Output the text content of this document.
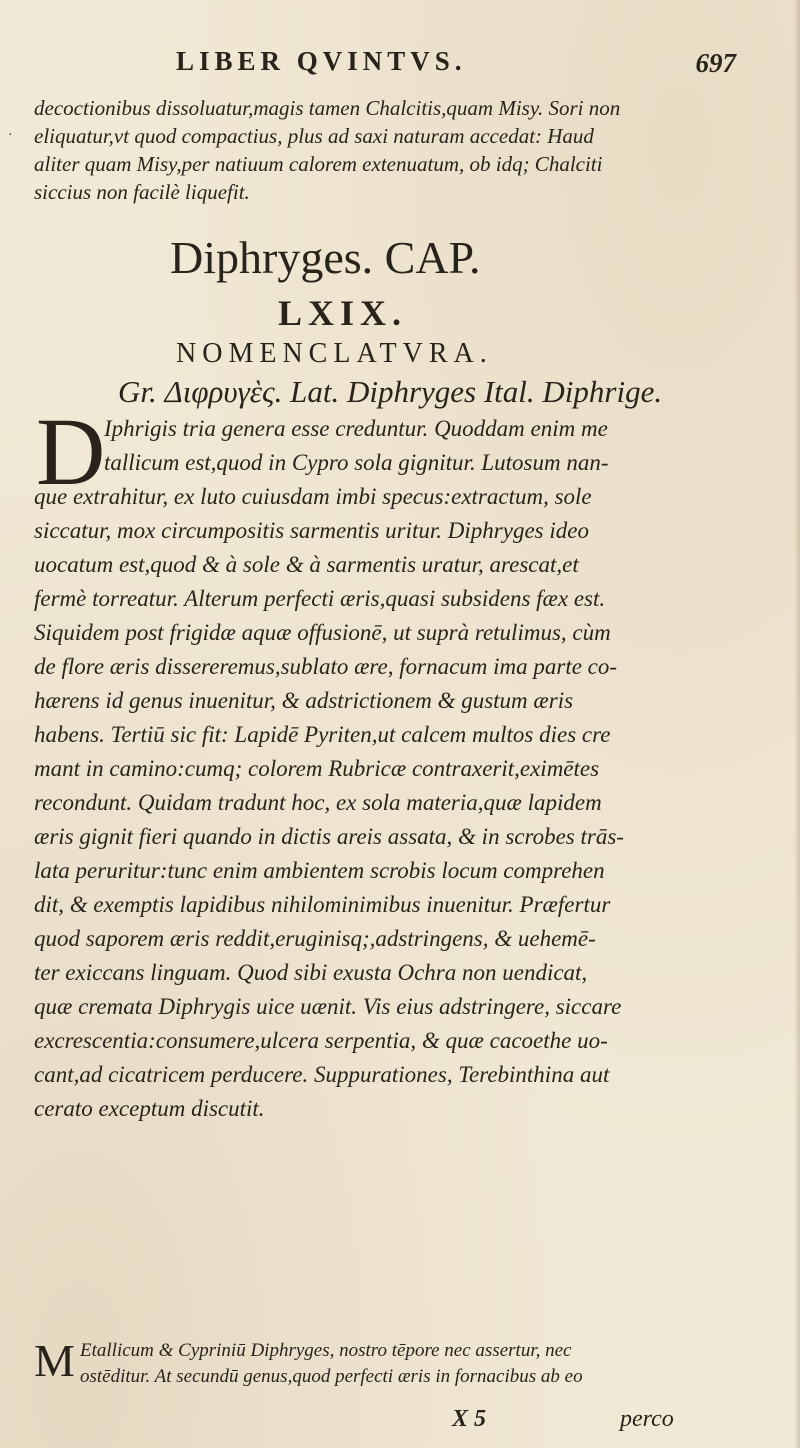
LIBER QVINTVS.	697
·
decoctionibus dissoluatur,magis tamen Chalcitis,quam Misy. Sori non
eliquatur,vt quod compactius, plus ad saxi naturam accedat: Haud
aliter quam Misy,per natiuum calorem extenuatum, ob idq; Chalciti
siccius non facilè liquefit.
Diphryges. CAP.
LXIX.
NOMENCLATVRA.
Gr. Διφρυγὲς. Lat. Diphryges Ital. Diphrige.
D
Iphrigis tria genera esse creduntur. Quoddam enim me
tallicum est,quod in Cypro sola gignitur. Lutosum nan-
que extrahitur, ex luto cuiusdam imbi specus:extractum, sole
siccatur, mox circumpositis sarmentis uritur. Diphryges ideo
uocatum est,quod & à sole & à sarmentis uratur, arescat,et
fermè torreatur. Alterum perfecti æris,quasi subsidens fæx est.
Siquidem post frigidæ aquæ offusionē, ut suprà retulimus, cùm
de flore æris dissereremus,sublato ære, fornacum ima parte co-
hærens id genus inuenitur, & adstrictionem & gustum æris
habens. Tertiū sic fit: Lapidē Pyriten,ut calcem multos dies cre
mant in camino:cumq; colorem Rubricæ contraxerit,eximētes
recondunt. Quidam tradunt hoc, ex sola materia,quæ lapidem
æris gignit fieri quando in dictis areis assata, & in scrobes trās-
lata peruritur:tunc enim ambientem scrobis locum comprehen
dit, & exemptis lapidibus nihilominimibus inuenitur. Præfertur
quod saporem æris reddit,eruginisq;,adstringens, & uehemē-
ter exiccans linguam. Quod sibi exusta Ochra non uendicat,
quæ cremata Diphrygis uice uænit. Vis eius adstringere, siccare
excrescentia:consumere,ulcera serpentia, & quæ cacoethe uo-
cant,ad cicatricem perducere. Suppurationes, Terebinthina aut
cerato exceptum discutit.
M Etallicum & Cypriniū Diphryges, nostro tēpore nec assertur, nec
ostēditur. At secundū genus,quod perfecti æris in fornacibus ab eo
X 5	perco
